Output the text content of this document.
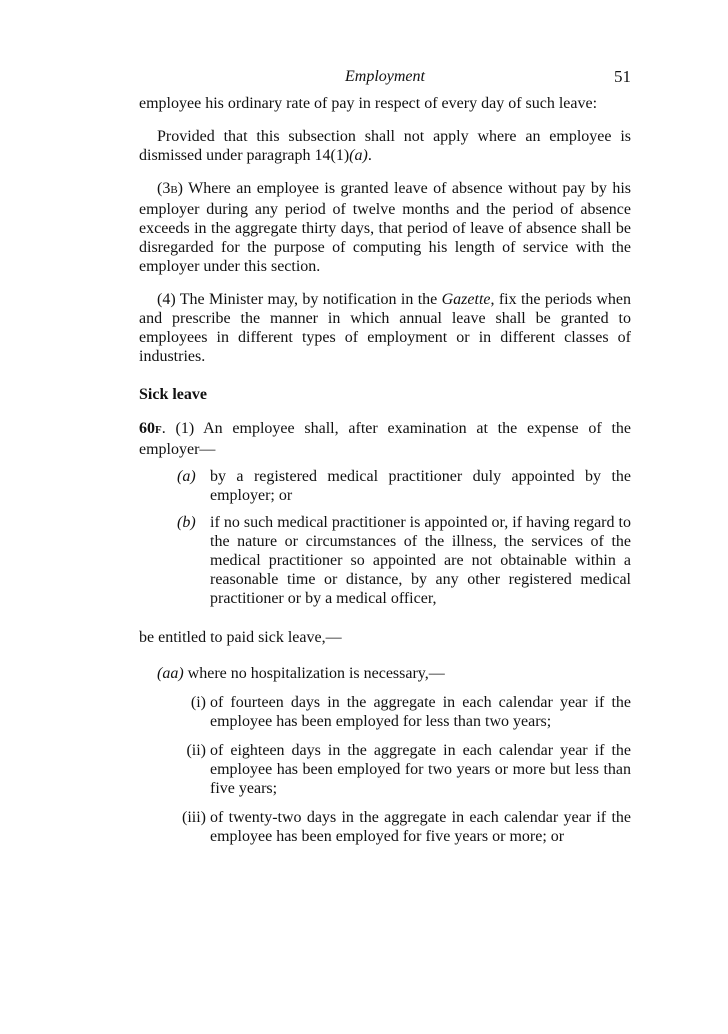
Employment	51

employee his ordinary rate of pay in respect of every day of such leave:

Provided that this subsection shall not apply where an employee is dismissed under paragraph 14(1)(a).

(3B) Where an employee is granted leave of absence without pay by his employer during any period of twelve months and the period of absence exceeds in the aggregate thirty days, that period of leave of absence shall be disregarded for the purpose of computing his length of service with the employer under this section.

(4) The Minister may, by notification in the Gazette, fix the periods when and prescribe the manner in which annual leave shall be granted to employees in different types of employment or in different classes of industries.

Sick leave

60F. (1) An employee shall, after examination at the expense of the employer—

(a) by a registered medical practitioner duly appointed by the employer; or

(b) if no such medical practitioner is appointed or, if having regard to the nature or circumstances of the illness, the services of the medical practitioner so appointed are not obtainable within a reasonable time or distance, by any other registered medical practitioner or by a medical officer,

be entitled to paid sick leave,—

(aa) where no hospitalization is necessary,—

(i) of fourteen days in the aggregate in each calendar year if the employee has been employed for less than two years;

(ii) of eighteen days in the aggregate in each calendar year if the employee has been employed for two years or more but less than five years;

(iii) of twenty-two days in the aggregate in each calendar year if the employee has been employed for five years or more; or
